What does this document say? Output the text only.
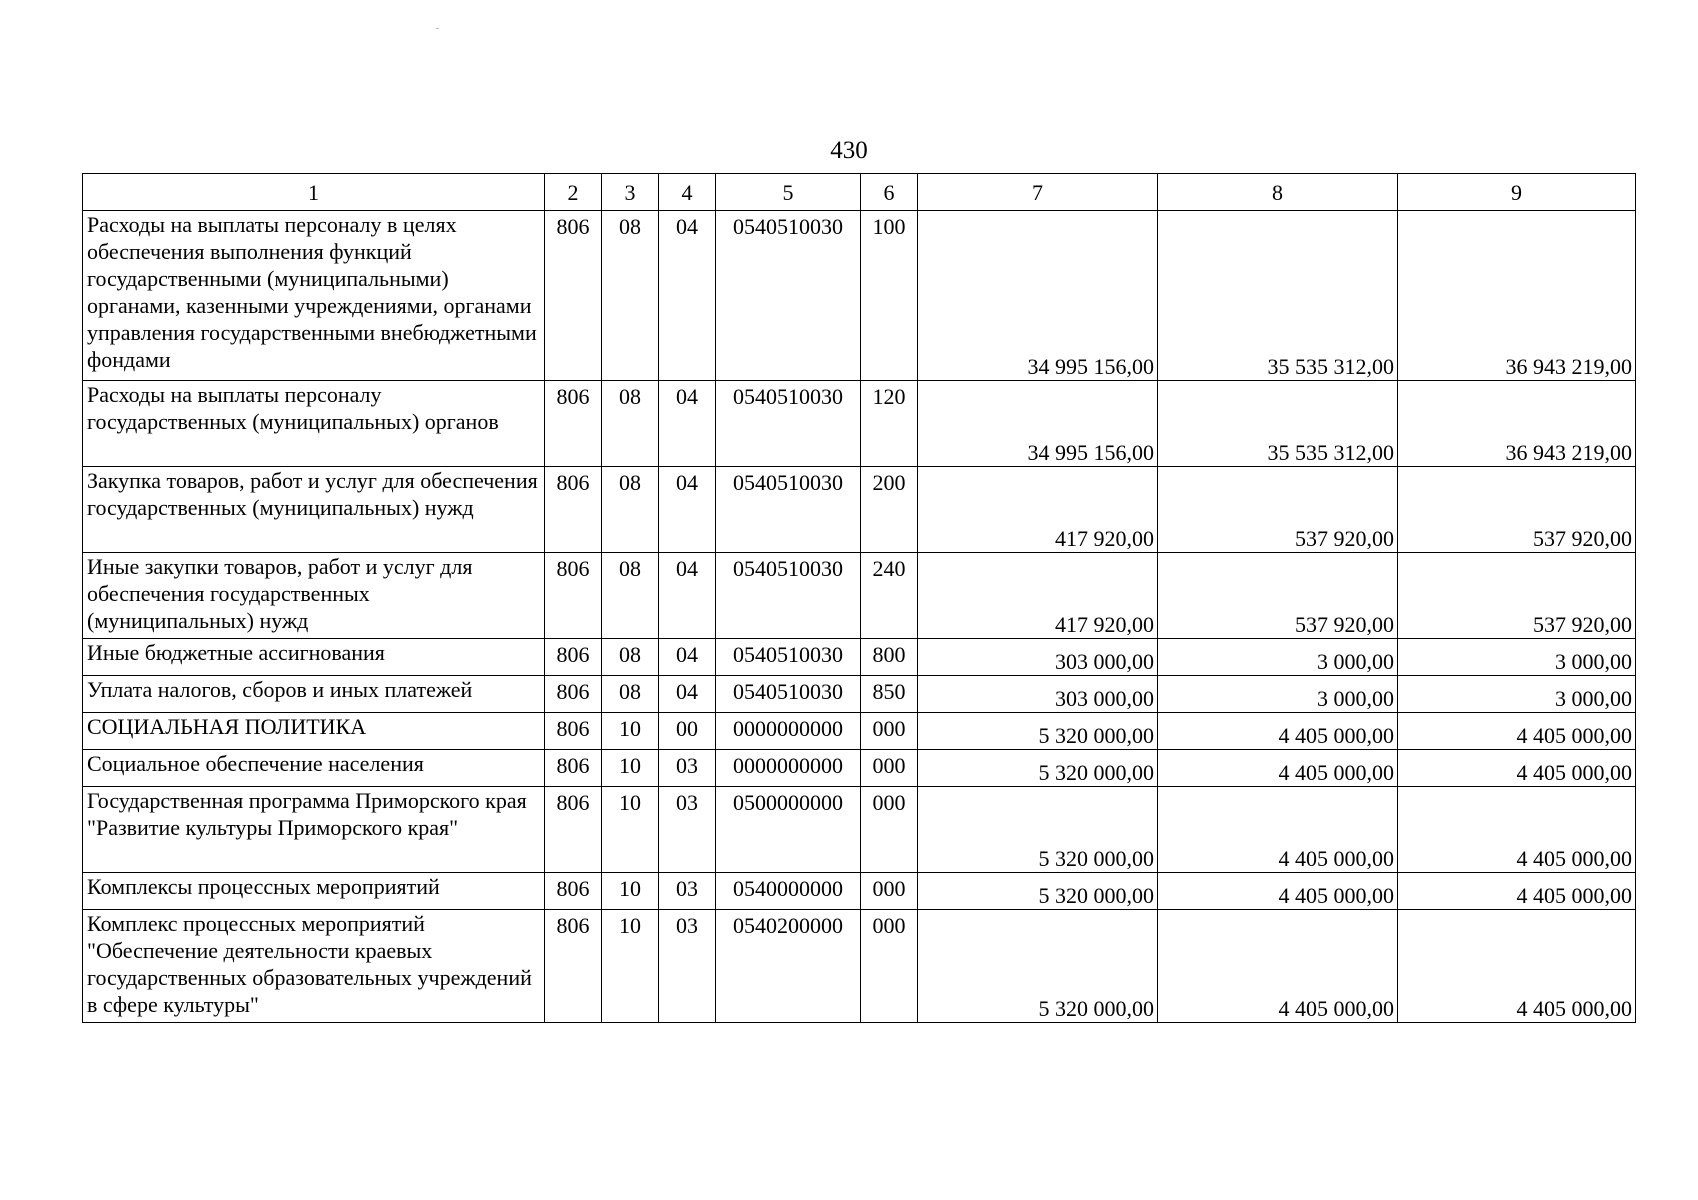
430
1	2	3	4	5	6	7	8	9
Расходы на выплаты персоналу в целях обеспечения выполнения функций государственными (муниципальными) органами, казенными учреждениями, органами управления государственными внебюджетными фондами	806	08	04	0540510030	100	34 995 156,00	35 535 312,00	36 943 219,00
Расходы на выплаты персоналу государственных (муниципальных) органов	806	08	04	0540510030	120	34 995 156,00	35 535 312,00	36 943 219,00
Закупка товаров, работ и услуг для обеспечения государственных (муниципальных) нужд	806	08	04	0540510030	200	417 920,00	537 920,00	537 920,00
Иные закупки товаров, работ и услуг для обеспечения государственных (муниципальных) нужд	806	08	04	0540510030	240	417 920,00	537 920,00	537 920,00
Иные бюджетные ассигнования	806	08	04	0540510030	800	303 000,00	3 000,00	3 000,00
Уплата налогов, сборов и иных платежей	806	08	04	0540510030	850	303 000,00	3 000,00	3 000,00
СОЦИАЛЬНАЯ ПОЛИТИКА	806	10	00	0000000000	000	5 320 000,00	4 405 000,00	4 405 000,00
Социальное обеспечение населения	806	10	03	0000000000	000	5 320 000,00	4 405 000,00	4 405 000,00
Государственная программа Приморского края "Развитие культуры Приморского края"	806	10	03	0500000000	000	5 320 000,00	4 405 000,00	4 405 000,00
Комплексы процессных мероприятий	806	10	03	0540000000	000	5 320 000,00	4 405 000,00	4 405 000,00
Комплекс процессных мероприятий "Обеспечение деятельности краевых государственных образовательных учреждений в сфере культуры"	806	10	03	0540200000	000	5 320 000,00	4 405 000,00	4 405 000,00
